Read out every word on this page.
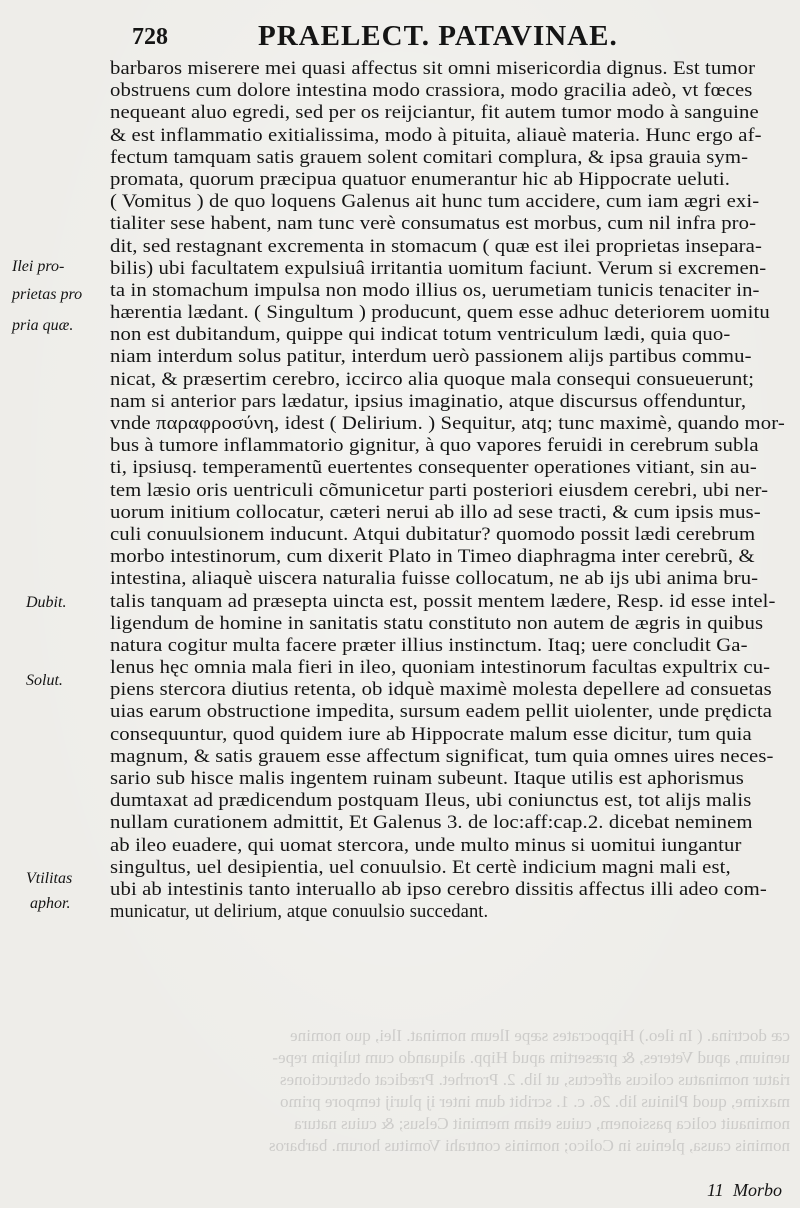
cæ doctrina. ( In ileo.) Hippocrates sæpe Ileum nominat. Ilei, quo nomine
uenium, apud Veteres, & præsertim apud Hipp. aliquando cum tulipim repe-
riatur nominatus colicus affectus, ut lib. 2. Prorrhet. Prædicat obstructiones
maxime, quod Plinius lib. 26. c. 1. scribit dum inter ij plurij tempore primo
nominauit colica passionem, cuius etiam meminit Celsus; & cuius natura
nominis causa, plenius in Colico; nominis contrahi Vomitus horum. barbaros
728	PRAELECT. PATAVINAE.
Ilei pro-
prietas pro
pria quæ.
Dubit.
Solut.
Vtilitas
aphor.
barbaros miserere mei quasi affectus sit omni misericordia dignus. Est tumor
obstruens cum dolore intestina modo crassiora, modo gracilia adeò, vt fœces
nequeant aluo egredi, sed per os reijciantur, fit autem tumor modo à sanguine
& est inflammatio exitialissima, modo à pituita, aliauè materia. Hunc ergo af-
fectum tamquam satis grauem solent comitari complura, & ipsa grauia sym-
promata, quorum præcipua quatuor enumerantur hic ab Hippocrate ueluti.
( Vomitus ) de quo loquens Galenus ait hunc tum accidere, cum iam ægri exi-
tialiter sese habent, nam tunc verè consumatus est morbus, cum nil infra pro-
dit, sed restagnant excrementa in stomacum ( quæ est ilei proprietas insepara-
bilis) ubi facultatem expulsiuâ irritantia uomitum faciunt. Verum si excremen-
ta in stomachum impulsa non modo illius os, uerumetiam tunicis tenaciter in-
hærentia lædant. ( Singultum ) producunt, quem esse adhuc deteriorem uomitu
non est dubitandum, quippe qui indicat totum ventriculum lædi, quia quo-
niam interdum solus patitur, interdum uerò passionem alijs partibus commu-
nicat, & præsertim cerebro, iccirco alia quoque mala consequi consueuerunt;
nam si anterior pars lædatur, ipsius imaginatio, atque discursus offenduntur,
vnde παραφροσύνη, idest ( Delirium. ) Sequitur, atq; tunc maximè, quando mor-
bus à tumore inflammatorio gignitur, à quo vapores feruidi in cerebrum subla
ti, ipsiusq. temperamentũ euertentes consequenter operationes vitiant, sin au-
tem læsio oris uentriculi cõmunicetur parti posteriori eiusdem cerebri, ubi ner-
uorum initium collocatur, cæteri nerui ab illo ad sese tracti, & cum ipsis mus-
culi conuulsionem inducunt. Atqui dubitatur? quomodo possit lædi cerebrum
morbo intestinorum, cum dixerit Plato in Timeo diaphragma inter cerebrũ, &
intestina, aliaquè uiscera naturalia fuisse collocatum, ne ab ijs ubi anima bru-
talis tanquam ad præsepta uincta est, possit mentem lædere, Resp. id esse intel-
ligendum de homine in sanitatis statu constituto non autem de ægris in quibus
natura cogitur multa facere præter illius instinctum. Itaq; uere concludit Ga-
lenus hęc omnia mala fieri in ileo, quoniam intestinorum facultas expultrix cu-
piens stercora diutius retenta, ob idquè maximè molesta depellere ad consuetas
uias earum obstructione impedita, sursum eadem pellit uiolenter, unde prędicta
consequuntur, quod quidem iure ab Hippocrate malum esse dicitur, tum quia
magnum, & satis grauem esse affectum significat, tum quia omnes uires neces-
sario sub hisce malis ingentem ruinam subeunt. Itaque utilis est aphorismus
dumtaxat ad prædicendum postquam Ileus, ubi coniunctus est, tot alijs malis
nullam curationem admittit, Et Galenus 3. de loc:aff:cap.2. dicebat neminem
ab ileo euadere, qui uomat stercora, unde multo minus si uomitui iungantur
singultus, uel desipientia, uel conuulsio. Et certè indicium magni mali est,
ubi ab intestinis tanto interuallo ab ipso cerebro dissitis affectus illi adeo com-
municatur, ut delirium, atque conuulsio succedant.
11 Morbo
